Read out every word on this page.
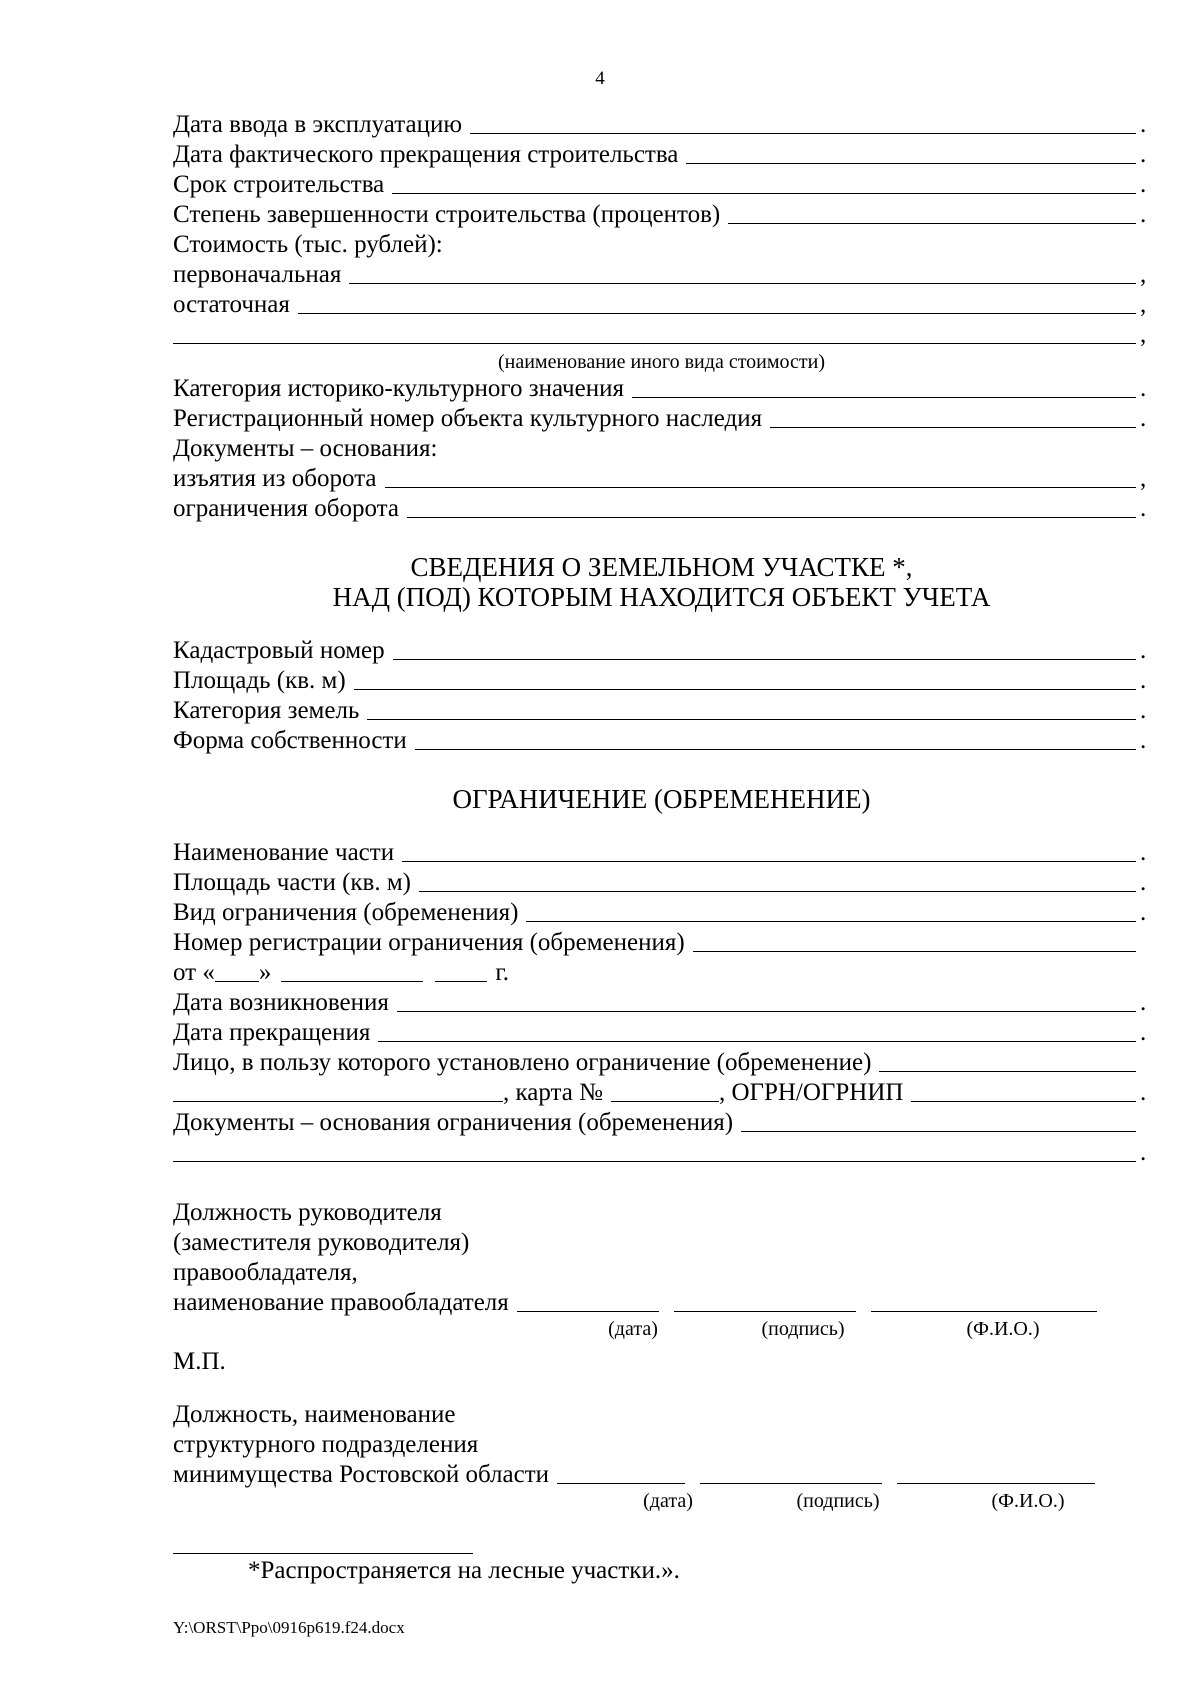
4
Дата ввода в эксплуатацию	.
Дата фактического прекращения строительства	.
Срок строительства	.
Степень завершенности строительства (процентов)	.
Стоимость (тыс. рублей):
первоначальная	,
остаточная	,
,
(наименование иного вида стоимости)
Категория историко-культурного значения	.
Регистрационный номер объекта культурного наследия	.
Документы – основания:
изъятия из оборота	,
ограничения оборота	.
СВЕДЕНИЯ О ЗЕМЕЛЬНОМ УЧАСТКЕ *,
НАД (ПОД) КОТОРЫМ НАХОДИТСЯ ОБЪЕКТ УЧЕТА
Кадастровый номер	.
Площадь (кв. м)	.
Категория земель	.
Форма собственности	.
ОГРАНИЧЕНИЕ (ОБРЕМЕНЕНИЕ)
Наименование части	.
Площадь части (кв. м)	.
Вид ограничения (обременения)	.
Номер регистрации ограничения (обременения)
от « »	г.
Дата возникновения	.
Дата прекращения	.
Лицо, в пользу которого установлено ограничение (обременение)
, карта №	, ОГРН/ОГРНИП	.
Документы – основания ограничения (обременения)
.
Должность руководителя
(заместителя руководителя)
правообладателя,
наименование правообладателя
(дата)	(подпись)	(Ф.И.О.)
М.П.
Должность, наименование
структурного подразделения
минимущества Ростовской области
(дата)	(подпись)	(Ф.И.О.)
*Распространяется на лесные участки.».
Y:\ORST\Ppo\0916p619.f24.docx
